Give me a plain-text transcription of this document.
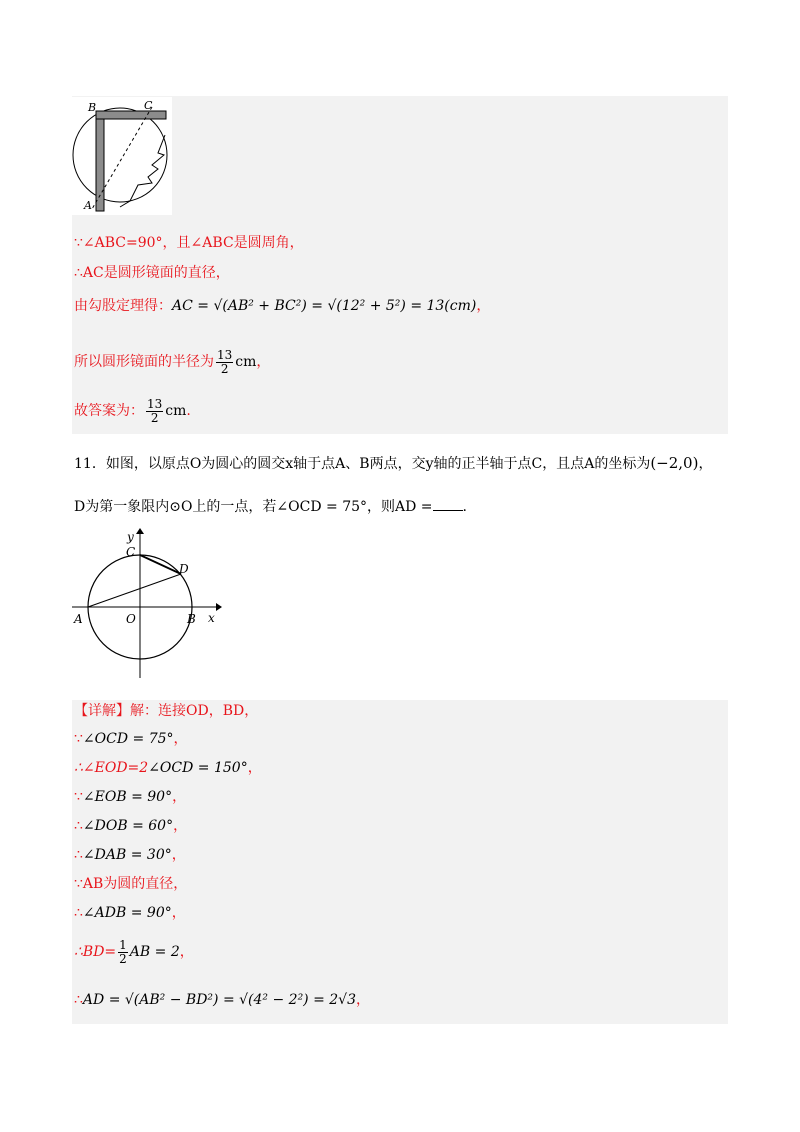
B	C
A
∵∠ABC=90°，且∠ABC是圆周角，
∴AC是圆形镜面的直径，
由勾股定理得：AC = √(AB² + BC²) = √(12² + 5²) = 13(cm)，
所以圆形镜面的半径为 $\frac{13}{2}$ cm，
故答案为： $\frac{13}{2}$ cm.
11．如图，以原点O为圆心的圆交x轴于点A、B两点，交y轴的正半轴于点C，且点A的坐标为(−2,0)，
D为第一象限内⊙O上的一点，若∠OCD = 75°，则AD = .
y
x
C
D
A	O	B
【详解】解：连接OD，BD，
∵∠OCD = 75°，
∴∠EOD=2∠OCD = 150°，
∵∠EOB = 90°，
∴∠DOB = 60°，
∴∠DAB = 30°，
∵AB为圆的直径，
∴∠ADB = 90°，
∴BD= $\frac{1}{2}$ AB = 2，
∴AD = √(AB² − BD²) = √(4² − 2²) = 2√3，
